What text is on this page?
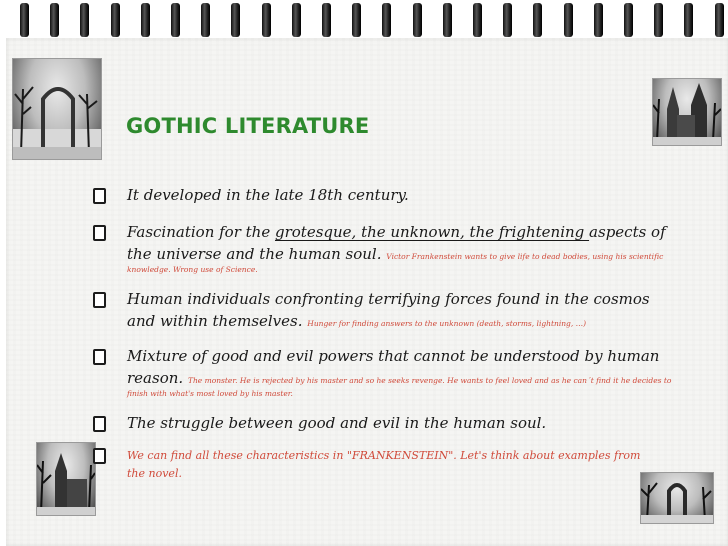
GOTHIC LITERATURE
It developed in the late 18th century.
Fascination for the grotesque, the unknown, the frightening aspects of
the universe and the human soul. Victor Frankenstein wants to give life to dead bodies, using his scientific
knowledge. Wrong use of Science.
Human individuals confronting terrifying forces found in the cosmos
and within themselves. Hunger for finding answers to the unknown (death, storms, lightning, …)
Mixture of good and evil powers that cannot be understood by human
reason. The monster. He is rejected by his master and so he seeks revenge. He wants to feel loved and as he can´t find it he decides to
finish with what's most loved by his master.
The struggle between good and evil in the human soul.
We can find all these characteristics in "FRANKENSTEIN". Let's think about examples from
the novel.
